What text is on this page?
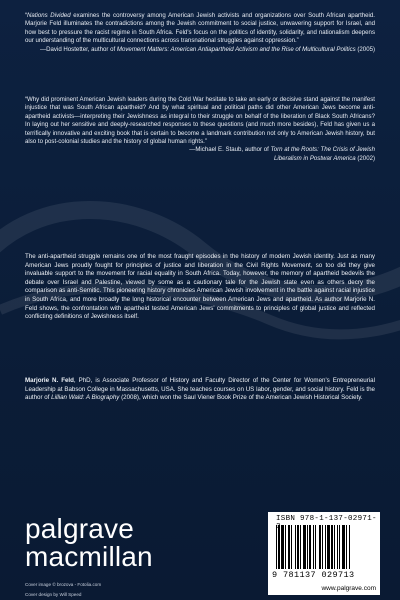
“Nations Divided examines the controversy among American Jewish activists and organizations over South African apartheid. Marjorie Feld illuminates the contradictions among the Jewish commitment to social justice, unwavering support for Israel, and how best to pressure the racist regime in South Africa. Feld's focus on the politics of identity, solidarity, and nationalism deepens our understanding of the multicultural connections across transnational struggles against oppression.”
—David Hostetter, author of Movement Matters: American Antiapartheid Activism and the Rise of Multicultural Politics (2005)
“Why did prominent American Jewish leaders during the Cold War hesitate to take an early or decisive stand against the manifest injustice that was South African apartheid? And by what spiritual and political paths did other American Jews become anti-apartheid activists—interpreting their Jewishness as integral to their struggle on behalf of the liberation of Black South Africans? In laying out her sensitive and deeply-researched responses to these questions (and much more besides), Feld has given us a terrifically innovative and exciting book that is certain to become a landmark contribution not only to American Jewish history, but also to post-colonial studies and the history of global human rights.”
—Michael E. Staub, author of Torn at the Roots: The Crisis of Jewish Liberalism in Postwar America (2002)
The anti-apartheid struggle remains one of the most fraught episodes in the history of modern Jewish identity. Just as many American Jews proudly fought for principles of justice and liberation in the Civil Rights Movement, so too did they give invaluable support to the movement for racial equality in South Africa. Today, however, the memory of apartheid bedevils the debate over Israel and Palestine, viewed by some as a cautionary tale for the Jewish state even as others decry the comparison as anti-Semitic. This pioneering history chronicles American Jewish involvement in the battle against racial injustice in South Africa, and more broadly the long historical encounter between American Jews and apartheid. As author Marjorie N. Feld shows, the confrontation with apartheid tested American Jews' commitments to principles of global justice and reflected conflicting definitions of Jewishness itself.
Marjorie N. Feld, PhD, is Associate Professor of History and Faculty Director of the Center for Women's Entrepreneurial Leadership at Babson College in Massachusetts, USA. She teaches courses on US labor, gender, and social history. Feld is the author of Lillian Wald: A Biography (2008), which won the Saul Viener Book Prize of the American Jewish Historical Society.
palgrave
macmillan
Cover image © brozova - Fotolia.com
Cover design by Will Speed
ISBN 978-1-137-02971-
9 781137 029713
www.palgrave.com
